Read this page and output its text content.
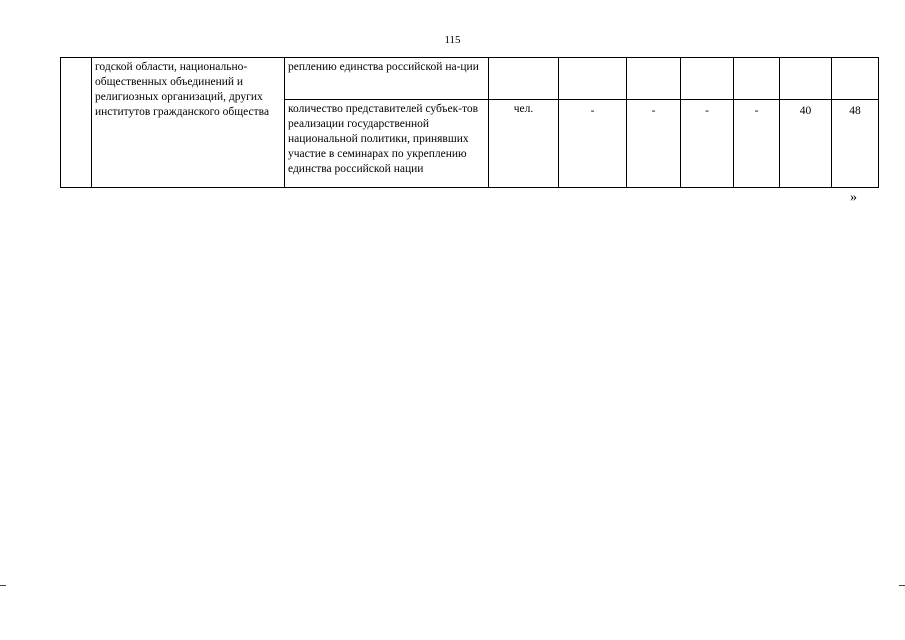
115
	годской области, национально-общественных объединений и религиозных организаций, других институтов гражданского общества	реплению единства российской на-ции							
		количество представителей субъек-тов реализации государственной национальной политики, принявших участие в семинарах по укреплению единства российской нации	чел.	-	-	-	-	40	48
»
